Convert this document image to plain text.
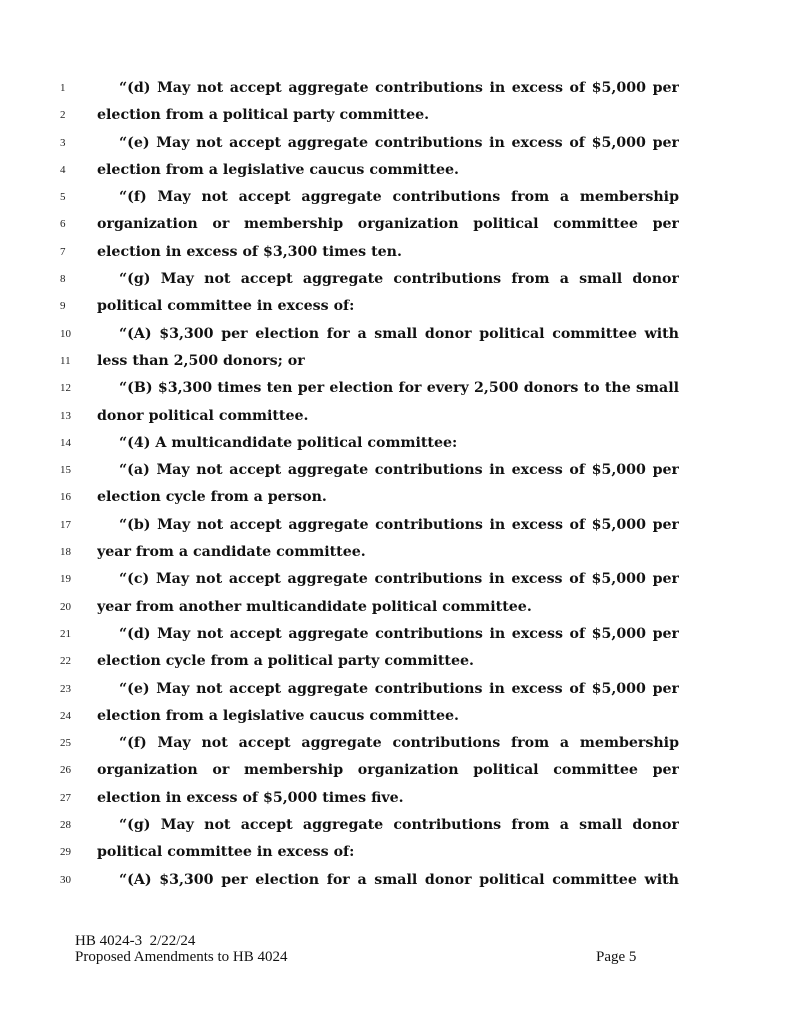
1	“(d) May not accept aggregate contributions in excess of $5,000 per
2	election from a political party committee.
3	“(e) May not accept aggregate contributions in excess of $5,000 per
4	election from a legislative caucus committee.
5	“(f) May not accept aggregate contributions from a membership
6	organization or membership organization political committee per
7	election in excess of $3,300 times ten.
8	“(g) May not accept aggregate contributions from a small donor
9	political committee in excess of:
10	“(A) $3,300 per election for a small donor political committee with
11	less than 2,500 donors; or
12	“(B) $3,300 times ten per election for every 2,500 donors to the small
13	donor political committee.
14	“(4) A multicandidate political committee:
15	“(a) May not accept aggregate contributions in excess of $5,000 per
16	election cycle from a person.
17	“(b) May not accept aggregate contributions in excess of $5,000 per
18	year from a candidate committee.
19	“(c) May not accept aggregate contributions in excess of $5,000 per
20	year from another multicandidate political committee.
21	“(d) May not accept aggregate contributions in excess of $5,000 per
22	election cycle from a political party committee.
23	“(e) May not accept aggregate contributions in excess of $5,000 per
24	election from a legislative caucus committee.
25	“(f) May not accept aggregate contributions from a membership
26	organization or membership organization political committee per
27	election in excess of $5,000 times five.
28	“(g) May not accept aggregate contributions from a small donor
29	political committee in excess of:
30	“(A) $3,300 per election for a small donor political committee with
HB 4024-3  2/22/24
Proposed Amendments to HB 4024	Page 5
